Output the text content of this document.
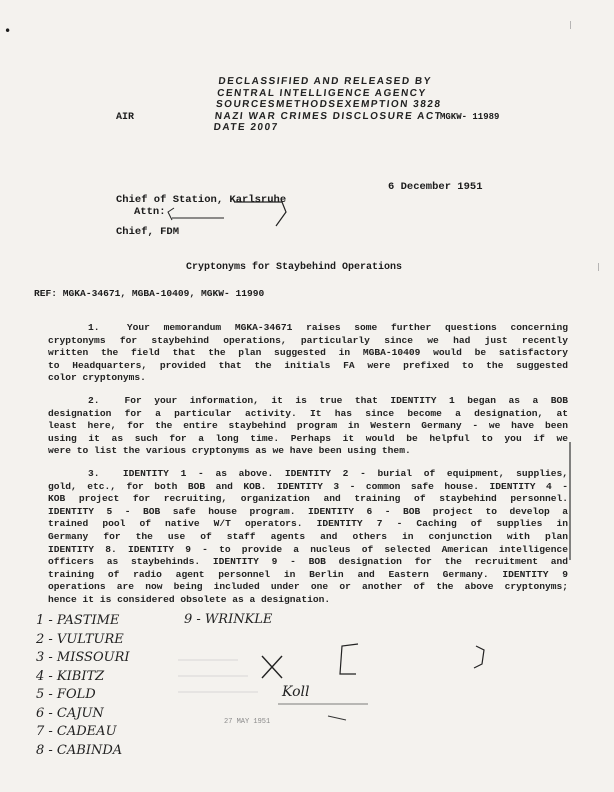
•
AIR
DECLASSIFIED AND RELEASED BY
CENTRAL INTELLIGENCE AGENCY
SOURCESMETHODSEXEMPTION 3828
NAZI WAR CRIMES DISCLOSURE ACT
DATE 2007
MGKW- 11989
6 December 1951
Chief of Station, Karlsruhe
Attn:
Chief, FDM
Cryptonyms for Staybehind Operations
REF: MGKA-34671, MGBA-10409, MGKW- 11990
1.	Your memorandum MGKA-34671 raises some further questions concerning
cryptonyms for staybehind operations, particularly since we had just recently
written the field that the plan suggested in MGBA-10409 would be satisfactory
to Headquarters, provided that the initials FA were prefixed to the suggested
color cryptonyms.
2.	For your information, it is true that IDENTITY 1 began as a BOB
designation for a particular activity. It has since become a designation, at
least here, for the entire staybehind program in Western Germany - we have been
using it as such for a long time. Perhaps it would be helpful to you if we
were to list the various cryptonyms as we have been using them.
3. IDENTITY 1 - as above. IDENTITY 2 - burial of equipment, supplies,
gold, etc., for both BOB and KOB. IDENTITY 3 - common safe house. IDENTITY 4 -
KOB project for recruiting, organization and training of staybehind personnel.
IDENTITY 5 - BOB safe house program. IDENTITY 6 - BOB project to develop a
trained pool of native W/T operators. IDENTITY 7 - Caching of supplies in
Germany for the use of staff agents and others in conjunction with plan
IDENTITY 8. IDENTITY 9 - to provide a nucleus of selected American intelligence
officers as staybehinds. IDENTITY 9 - BOB designation for the recruitment and
training of radio agent personnel in Berlin and Eastern Germany. IDENTITY 9
operations are now being included under one or another of the above cryptonyms;
hence it is considered obsolete as a designation.
|
|
1 - PASTIME
2 - VULTURE
3 - MISSOURI
4 - KIBITZ
5 - FOLD
6 - CAJUN
7 - CADEAU
8 - CABINDA
9 - WRINKLE
Koll
27 MAY 1951
